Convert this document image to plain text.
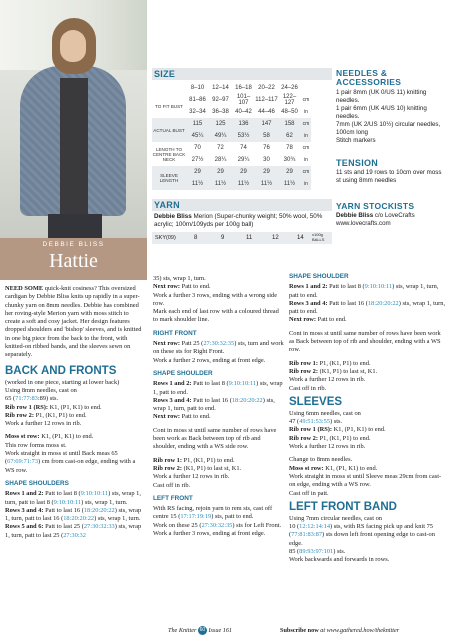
DEBBIE BLISS
Hattie
SIZE
	8–10	12–14	16–18	20–22	24–26	
TO FIT BUST	81–86	92–97	101–107	112–117	122–127	cm
	32–34	36–38	40–42	44–46	48–50	in
ACTUAL BUST	115	125	136	147	158	cm
	45¼	49¼	53½	58	62	in
LENGTH TO CENTRE BACK NECK	70	72	74	76	78	cm
	27½	28¼	29¼	30	30¾	in
SLEEVE LENGTH	29	29	29	29	29	cm
	11½	11½	11½	11½	11½	in
YARN
Debbie Bliss Merion (Super-chunky weight; 50% wool, 50% acrylic; 100m/109yds per 100g ball)
SKY(09)	8	9	11	12	14
x100g BALLS
NEEDLES & ACCESSORIES
1 pair 8mm (UK 0/US 11) knitting needles.
1 pair 6mm (UK 4/US 10) knitting needles.
7mm (UK 2/US 10½) circular needles, 100cm long
Stitch markers
TENSION
11 sts and 19 rows to 10cm over moss st using 8mm needles
YARN STOCKISTS
Debbie Bliss c/o LoveCrafts
www.lovecrafts.com

NEED SOME quick-knit cosiness? This oversized cardigan by Debbie Bliss knits up rapidly in a super-chunky yarn on 8mm needles. Debbie has combined her roving-style Merion yarn with moss stitch to create a soft and cosy jacket. Her design features dropped shoulders and 'bishop' sleeves, and is knitted in one big piece from the back to the front, with knitted-on ribbed bands, and the sleeves sewn on separately.

BACK AND FRONTS
(worked in one piece, starting at lower back)
Using 8mm needles, cast on
65 (71:77:83:89) sts.
Rib row 1 (RS): K1, (P1, K1) to end.
Rib row 2: P1, (K1, P1) to end.

Work a further 12 rows in rib.

Moss st row: K1, (P1, K1) to end.
This row forms moss st.

Work straight in moss st until Back meas 65 (67:69:71:73) cm from cast-on edge, ending with a WS row.

SHAPE SHOULDERS
Rows 1 and 2: Patt to last 8 (9:10:10:11) sts, wrap 1, turn, patt to last 8 (9:10:10:11) sts, wrap 1, turn.
Rows 3 and 4: Patt to last 16 (18:20:20:22) sts, wrap 1, turn, patt to last 16 (18:20:20:22) sts, wrap 1, turn.
Rows 5 and 6: Patt to last 25 (27:30:32:33) sts, wrap 1, turn, patt to last 25 (27:30:32
35) sts, wrap 1, turn.
Next row: Patt to end.
Work a further 3 rows, ending with a wrong side row.

Mark each end of last row with a coloured thread to mark shoulder line.

RIGHT FRONT
Next row: Patt 25 (27:30:32:35) sts, turn and work on these sts for Right Front.

Work a further 2 rows, ending at front edge.

SHAPE SHOULDER
Rows 1 and 2: Patt to last 8 (9:10:10:11) sts, wrap 1, patt to end.
Rows 3 and 4: Patt to last 16 (18:20:20:22) sts, wrap 1, turn, patt to end.

Next row: Patt to end.

Cont in moss st until same number of rows have been work as Back between top of rib and shoulder, ending with a WS side row.

Rib row 1: P1, (K1, P1) to end.
Rib row 2: (K1, P1) to last st, K1.
Work a further 12 rows in rib.

Cast off in rib.

LEFT FRONT
With RS facing, rejoin yarn to rem sts, cast off centre 15 (17:17:19:19) sts, patt to end.
Work on these 25 (27:30:32:35) sts for Left Front.
Work a further 3 rows, ending at front edge.
SHAPE SHOULDER
Rows 1 and 2: Patt to last 8 (9:10:10:11) sts, wrap 1, turn, patt to end.
Rows 3 and 4: Patt to last 16 (18:20:20:22) sts, wrap 1, turn, patt to end.

Next row: Patt to end.

Cont in moss st until same number of rows have been work as Back between top of rib and shoulder, ending with a WS row.

Rib row 1: P1, (K1, P1) to end.
Rib row 2: (K1, P1) to last st, K1.
Work a further 12 rows in rib.
Cast off in rib.
SLEEVES
Using 6mm needles, cast on
47 (49:51:53:55) sts.
Rib row 1 (RS): K1, (P1, K1) to end.
Rib row 2: P1, (K1, P1) to end.

Work a further 12 rows in rib.

Change to 8mm needles.
Moss st row: K1, (P1, K1) to end.
Work straight in moss st until Sleeve meas 29cm from cast-on edge, ending with a WS row.
Cast off in patt.
LEFT FRONT BAND
Using 7mm circular needles, cast on
10 (12:12:14:14) sts, with RS facing pick up and knit 75 (77:81:83:87) sts down left front opening edge to cast-on edge.
85 (89:93:97:101) sts.
Work backwards and forwards in rows.
The Knitter 60 Issue 161	Subscribe now at www.gathered.how/theknitter
